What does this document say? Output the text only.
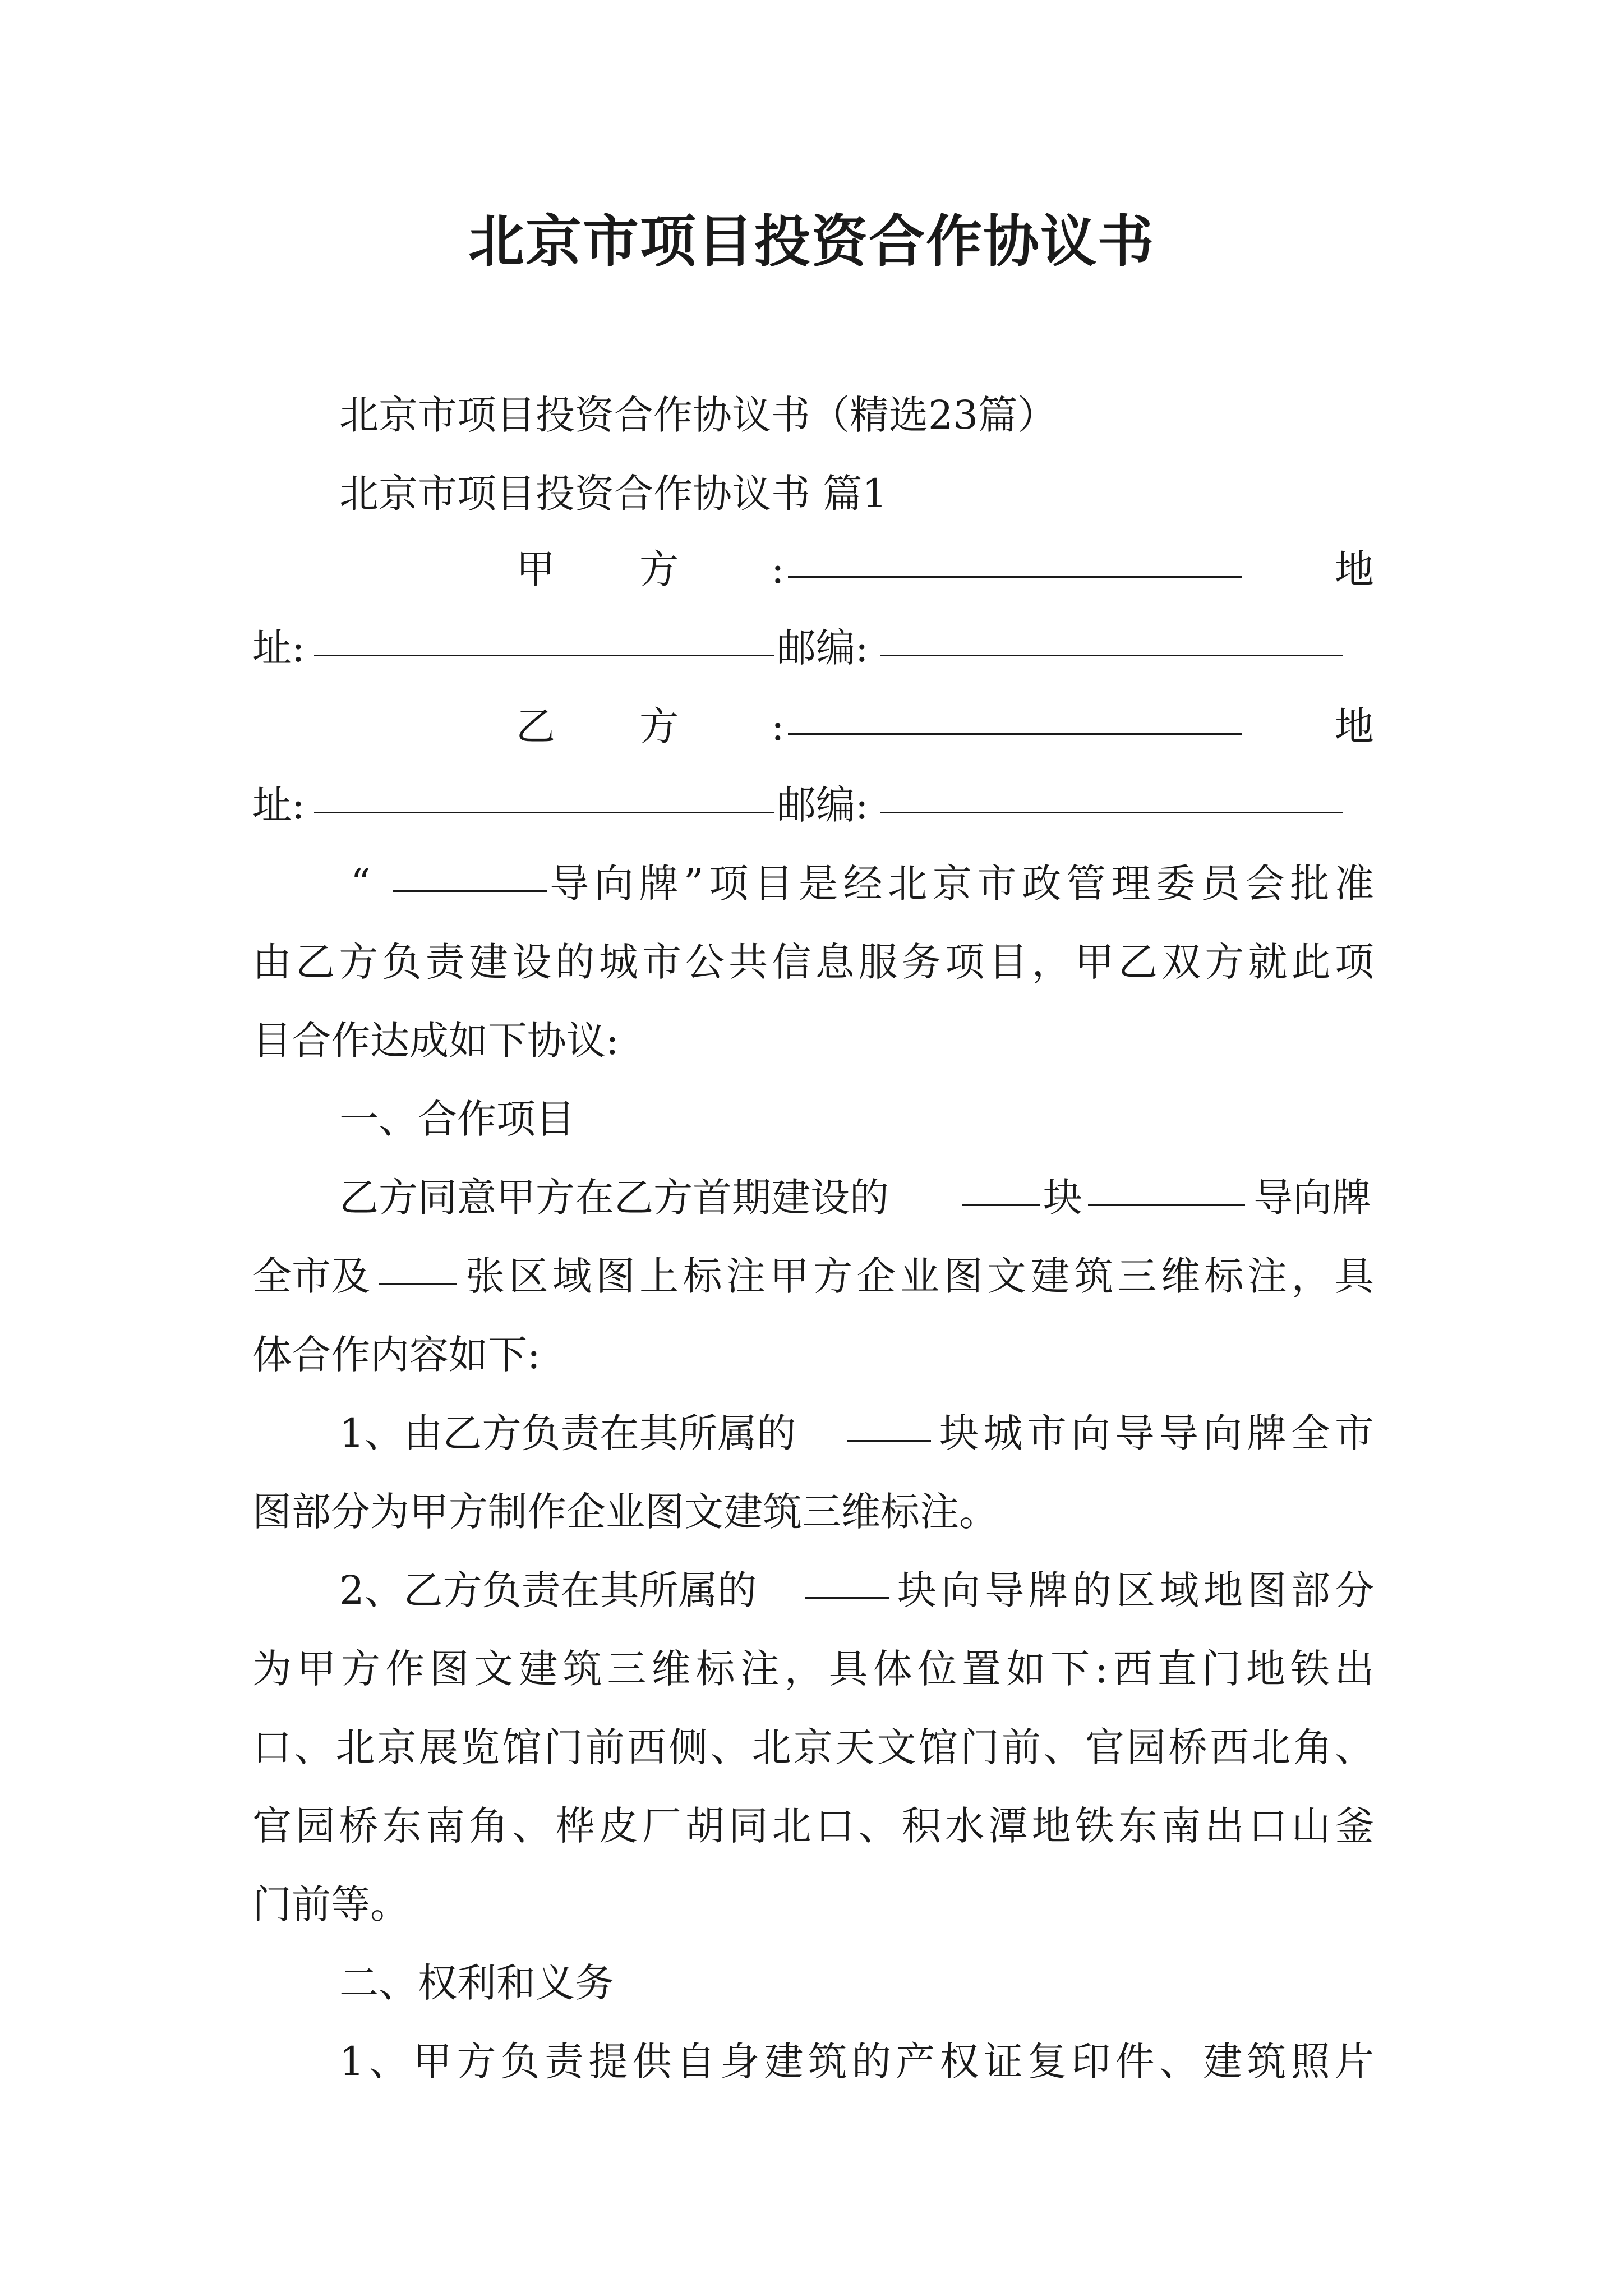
北京市项目投资合作协议书
北京市项目投资合作协议书（精选23篇）
北京市项目投资合作协议书 篇1
甲 方 :	地
址:	邮编:
乙 方 :	地
址:	邮编:
“	导向牌”项目是经北京市政管理委员会批准
由乙方负责建设的城市公共信息服务项目，甲乙双方就此项
目合作达成如下协议:
一、合作项目
乙方同意甲方在乙方首期建设的	块	导向牌
全市及 张区域图上标注甲方企业图文建筑三维标注，具
体合作内容如下:
1、由乙方负责在其所属的	块城市向导导向牌全市
图部分为甲方制作企业图文建筑三维标注。
2、乙方负责在其所属的	块向导牌的区域地图部分
为甲方作图文建筑三维标注，具体位置如下:西直门地铁出
口、北京展览馆门前西侧、北京天文馆门前、官园桥西北角、
官园桥东南角、桦皮厂胡同北口、积水潭地铁东南出口山釜
门前等。
二、权利和义务
1、甲方负责提供自身建筑的产权证复印件、建筑照片
